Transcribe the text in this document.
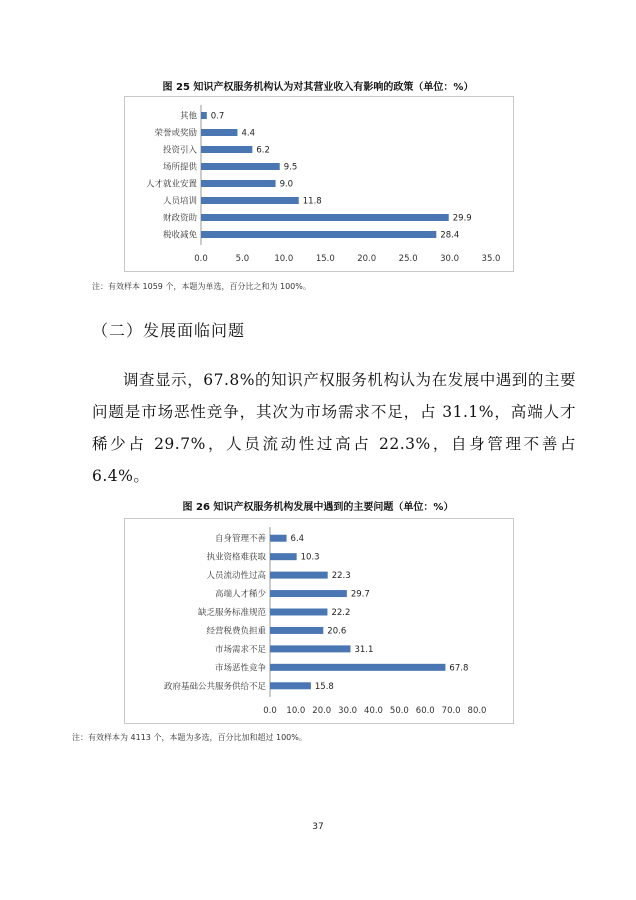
图 25 知识产权服务机构认为对其营业收入有影响的政策（单位：%）
其他 0.7
荣誉或奖励	4.4
投资引入	6.2
场所提供	9.5
人才就业安置	9.0
人员培训	11.8
财政资助	29.9
税收减免	28.4
0.0	5.0	10.0	15.0	20.0	25.0	30.0	35.0
注：有效样本 1059 个，本题为单选，百分比之和为 100%。
（二）发展面临问题
调查显示，67.8%的知识产权服务机构认为在发展中遇到的主要问题是市场恶性竞争，其次为市场需求不足，占 31.1%，高端人才稀少占 29.7%，人员流动性过高占 22.3%，自身管理不善占 6.4%。
图 26 知识产权服务机构发展中遇到的主要问题（单位：%）
自身管理不善	6.4
执业资格难获取	10.3
人员流动性过高	22.3
高端人才稀少	29.7
缺乏服务标准规范	22.2
经营税费负担重	20.6
市场需求不足	31.1
市场恶性竞争	67.8
政府基础公共服务供给不足	15.8
0.0 10.0 20.0 30.0 40.0 50.0 60.0 70.0 80.0
注：有效样本为 4113 个，本题为多选，百分比加和超过 100%。
37
